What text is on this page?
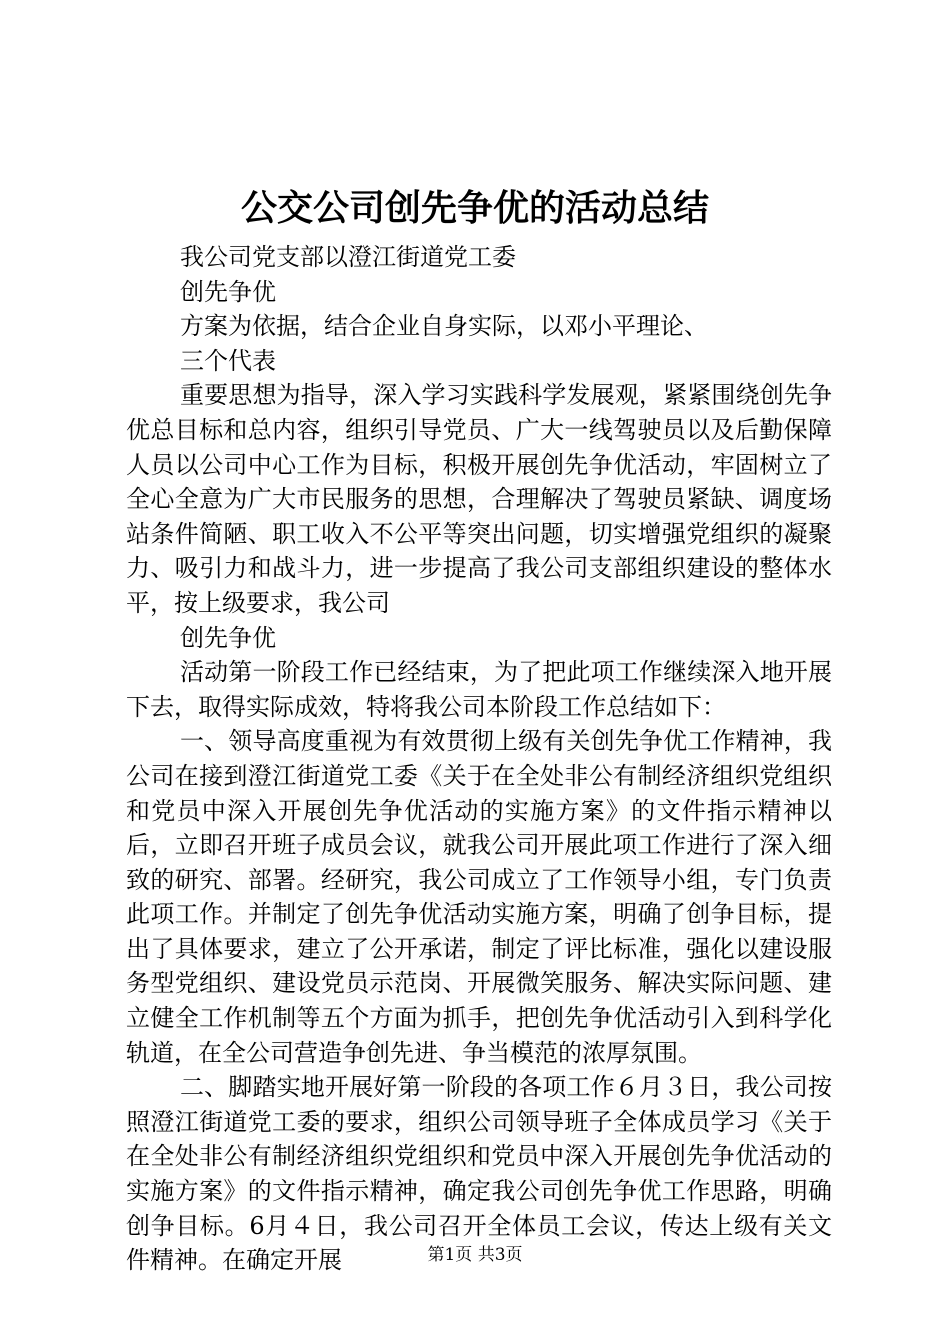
公交公司创先争优的活动总结

我公司党支部以澄江街道党工委

创先争优

方案为依据，结合企业自身实际，以邓小平理论、

三个代表

重要思想为指导，深入学习实践科学发展观，紧紧围绕创先争优总目标和总内容，组织引导党员、广大一线驾驶员以及后勤保障人员以公司中心工作为目标，积极开展创先争优活动，牢固树立了全心全意为广大市民服务的思想，合理解决了驾驶员紧缺、调度场站条件简陋、职工收入不公平等突出问题，切实增强党组织的凝聚力、吸引力和战斗力，进一步提高了我公司支部组织建设的整体水平，按上级要求，我公司

创先争优

活动第一阶段工作已经结束，为了把此项工作继续深入地开展下去，取得实际成效，特将我公司本阶段工作总结如下：

一、领导高度重视为有效贯彻上级有关创先争优工作精神，我公司在接到澄江街道党工委《关于在全处非公有制经济组织党组织和党员中深入开展创先争优活动的实施方案》的文件指示精神以后，立即召开班子成员会议，就我公司开展此项工作进行了深入细致的研究、部署。经研究，我公司成立了工作领导小组，专门负责此项工作。并制定了创先争优活动实施方案，明确了创争目标，提出了具体要求，建立了公开承诺，制定了评比标准，强化以建设服务型党组织、建设党员示范岗、开展微笑服务、解决实际问题、建立健全工作机制等五个方面为抓手，把创先争优活动引入到科学化轨道，在全公司营造争创先进、争当模范的浓厚氛围。

二、脚踏实地开展好第一阶段的各项工作６月３日，我公司按照澄江街道党工委的要求，组织公司领导班子全体成员学习《关于在全处非公有制经济组织党组织和党员中深入开展创先争优活动的实施方案》的文件指示精神，确定我公司创先争优工作思路，明确创争目标。6月４日，我公司召开全体员工会议，传达上级有关文件精神。在确定开展	第1页 共3页
